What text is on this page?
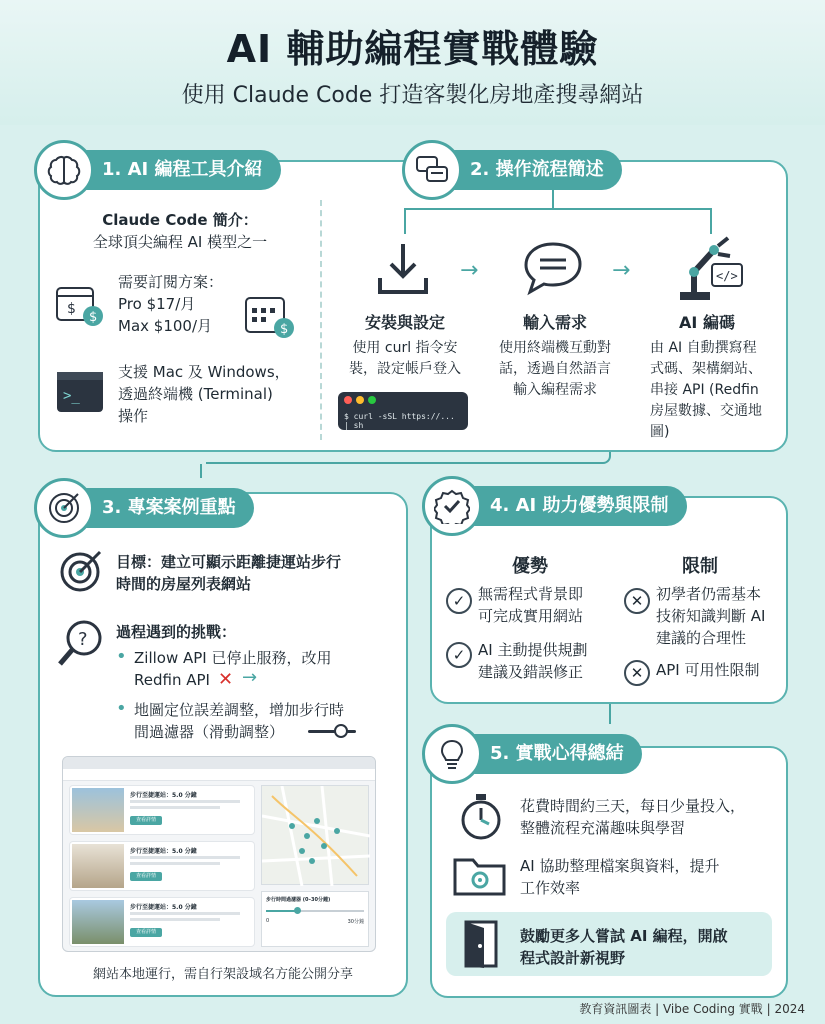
AI 輔助編程實戰體驗
使用 Claude Code 打造客製化房地產搜尋網站
1. AI 編程工具介紹
Claude Code 簡介：
全球頂尖編程 AI 模型之一
$
$
需要訂閱方案：
Pro $17/月
Max $100/月	$
>_
支援 Mac 及 Windows，
透過終端機 (Terminal)
操作
2. 操作流程簡述
→	→	</>
安裝與設定
使用 curl 指令安
裝，設定帳戶登入
$ curl -sSL https://... | sh
輸入需求
使用終端機互動對
話，透過自然語言
輸入編程需求
AI 編碼
由 AI 自動撰寫程
式碼、架構網站、
串接 API (Redfin
房屋數據、交通地
圖)
3. 專案案例重點
目標：建立可顯示距離捷運站步行
時間的房屋列表網站
? 過程遇到的挑戰：
• Zillow API 已停止服務，改用
Redfin API ✕ →
• 地圖定位誤差調整，增加步行時
間過濾器（滑動調整）
步行至捷運站：5.0 分鐘
查看詳情
步行至捷運站：5.0 分鐘
查看詳情
步行至捷運站：5.0 分鐘
查看詳情
步行時間過濾器 (0–30分鐘)
0	30分鐘
網站本地運行，需自行架設域名方能公開分享
4. AI 助力優勢與限制
優勢	限制
✓ 無需程式背景即
可完成實用網站
✓ AI 主動提供規劃
建議及錯誤修正
✕ 初學者仍需基本
技術知識判斷 AI
建議的合理性
✕ API 可用性限制
5. 實戰心得總結
花費時間約三天，每日少量投入，
整體流程充滿趣味與學習
AI 協助整理檔案與資料，提升
工作效率
鼓勵更多人嘗試 AI 編程，開啟
程式設計新視野
教育資訊圖表 | Vibe Coding 實戰 | 2024
